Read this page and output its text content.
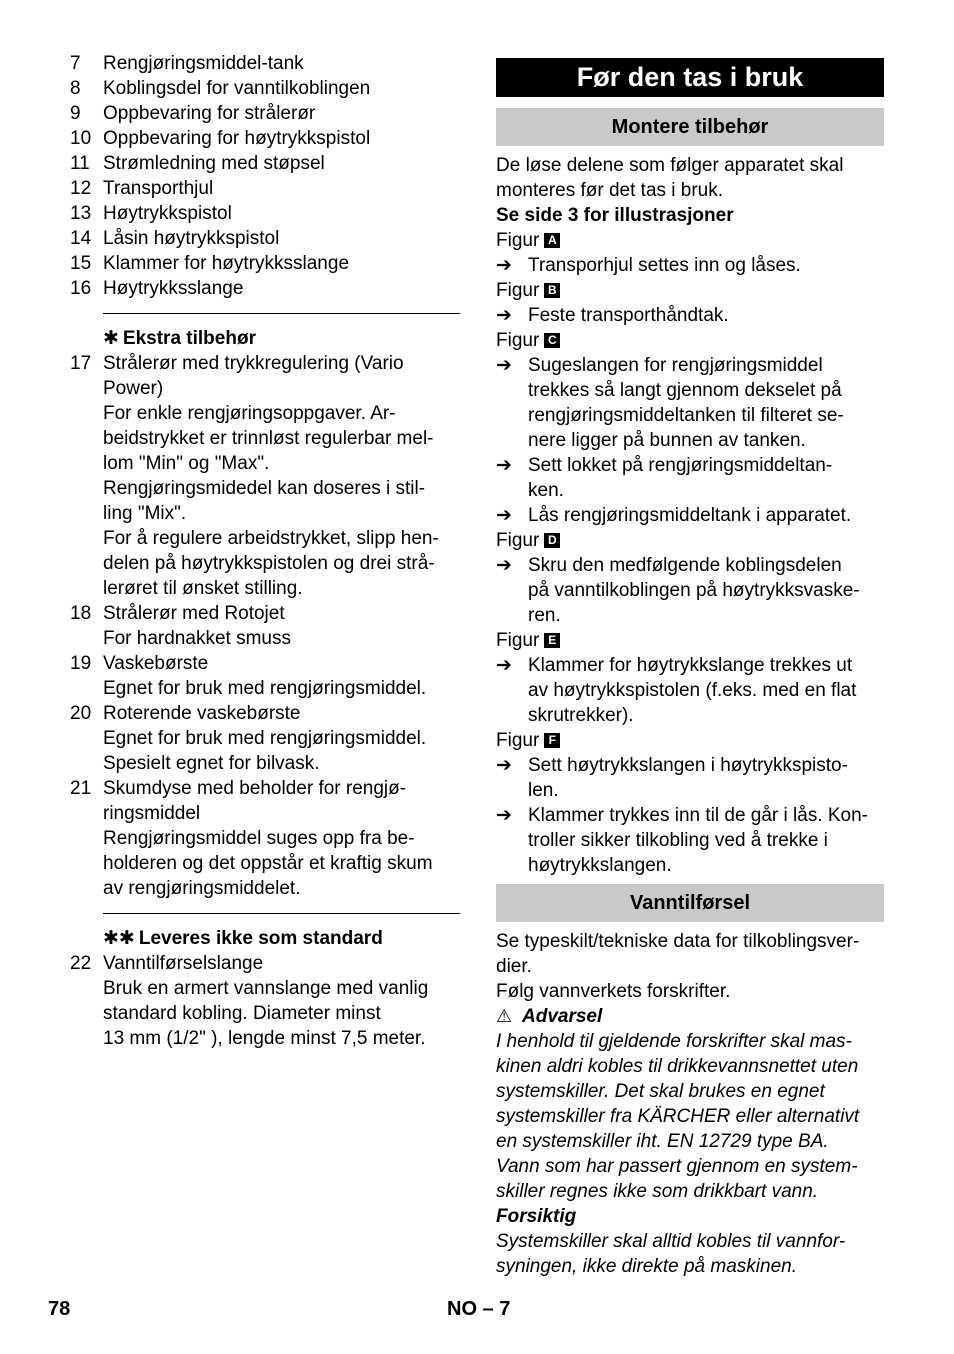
7	Rengjøringsmiddel-tank
8	Koblingsdel for vanntilkoblingen
9	Oppbevaring for strålerør
10 Oppbevaring for høytrykkspistol
11 Strømledning med støpsel
12 Transporthjul
13 Høytrykkspistol
14 Låsin høytrykkspistol
15 Klammer for høytrykksslange
16 Høytrykksslange
✱ Ekstra tilbehør
17 Strålerør med trykkregulering (Vario
Power)
For enkle rengjøringsoppgaver. Ar-
beidstrykket er trinnløst regulerbar mel-
lom "Min" og "Max".
Rengjøringsmidedel kan doseres i stil-
ling "Mix".
For å regulere arbeidstrykket, slipp hen-
delen på høytrykkspistolen og drei strå-
lerøret til ønsket stilling.
18 Strålerør med Rotojet
For hardnakket smuss
19 Vaskebørste
Egnet for bruk med rengjøringsmiddel.
20 Roterende vaskebørste
Egnet for bruk med rengjøringsmiddel.
Spesielt egnet for bilvask.
21 Skumdyse med beholder for rengjø-
ringsmiddel
Rengjøringsmiddel suges opp fra be-
holderen og det oppstår et kraftig skum
av rengjøringsmiddelet.
✱✱ Leveres ikke som standard
22 Vanntilførselslange
Bruk en armert vannslange med vanlig
standard kobling. Diameter minst
13 mm (1/2" ), lengde minst 7,5 meter.
Før den tas i bruk
Montere tilbehør
De løse delene som følger apparatet skal
monteres før det tas i bruk.
Se side 3 for illustrasjoner
Figur A
➔ Transporhjul settes inn og låses.
Figur B
➔ Feste transporthåndtak.
Figur C
➔ Sugeslangen for rengjøringsmiddel
trekkes så langt gjennom dekselet på
rengjøringsmiddeltanken til filteret se-
nere ligger på bunnen av tanken.
➔ Sett lokket på rengjøringsmiddeltan-
ken.
➔ Lås rengjøringsmiddeltank i apparatet.
Figur D
➔ Skru den medfølgende koblingsdelen
på vanntilkoblingen på høytrykksvaske-
ren.
Figur E
➔ Klammer for høytrykkslange trekkes ut
av høytrykkspistolen (f.eks. med en flat
skrutrekker).
Figur F
➔ Sett høytrykkslangen i høytrykkspisto-
len.
➔ Klammer trykkes inn til de går i lås. Kon-
troller sikker tilkobling ved å trekke i
høytrykkslangen.
Vanntilførsel
Se typeskilt/tekniske data for tilkoblingsver-
dier.
Følg vannverkets forskrifter.
⚠ Advarsel
I henhold til gjeldende forskrifter skal mas-
kinen aldri kobles til drikkevannsnettet uten
systemskiller. Det skal brukes en egnet
systemskiller fra KÄRCHER eller alternativt
en systemskiller iht. EN 12729 type BA.
Vann som har passert gjennom en system-
skiller regnes ikke som drikkbart vann.
Forsiktig
Systemskiller skal alltid kobles til vannfor-
syningen, ikke direkte på maskinen.
78	NO – 7
